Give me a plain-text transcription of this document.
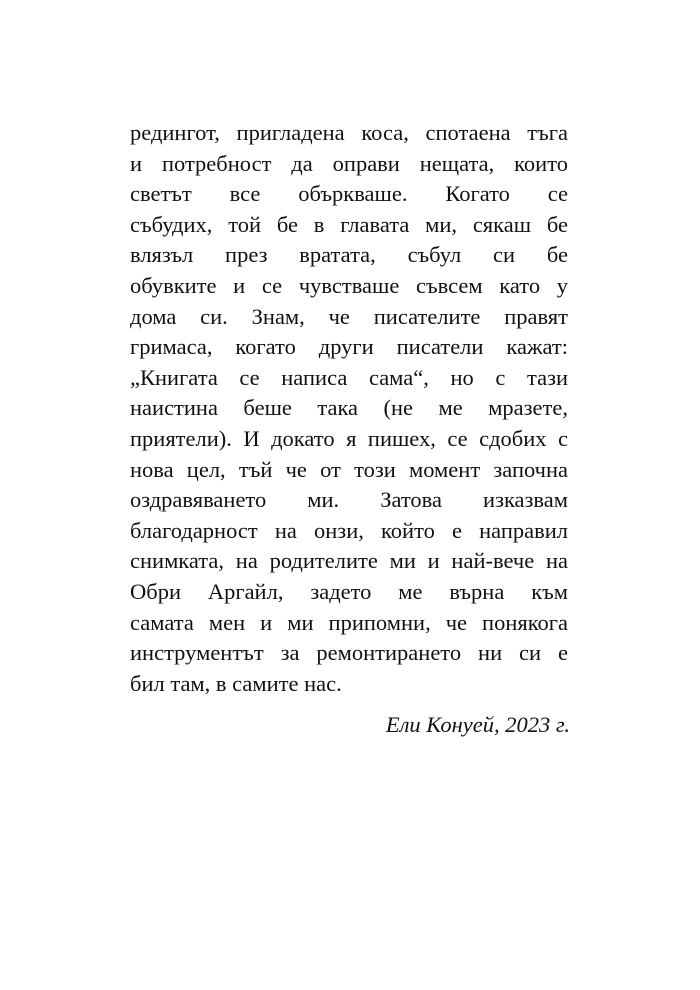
редингот, пригладена коса, спотаена тъга
и потребност да оправи нещата, които
светът все объркваше. Когато се
събудих, той бе в главата ми, сякаш бе
влязъл през вратата, събул си бе
обувките и се чувстваше съвсем като у
дома си. Знам, че писателите правят
гримаса, когато други писатели кажат:
„Книгата се написа сама“, но с тази
наистина беше така (не ме мразете,
приятели). И докато я пишех, се сдобих с
нова цел, тъй че от този момент започна
оздравяването ми. Затова изказвам
благодарност на онзи, който е направил
снимката, на родителите ми и най-вече на
Обри Аргайл, задето ме върна към
самата мен и ми припомни, че понякога
инструментът за ремонтирането ни си е
бил там, в самите нас.
Ели Конуей, 2023 г.
